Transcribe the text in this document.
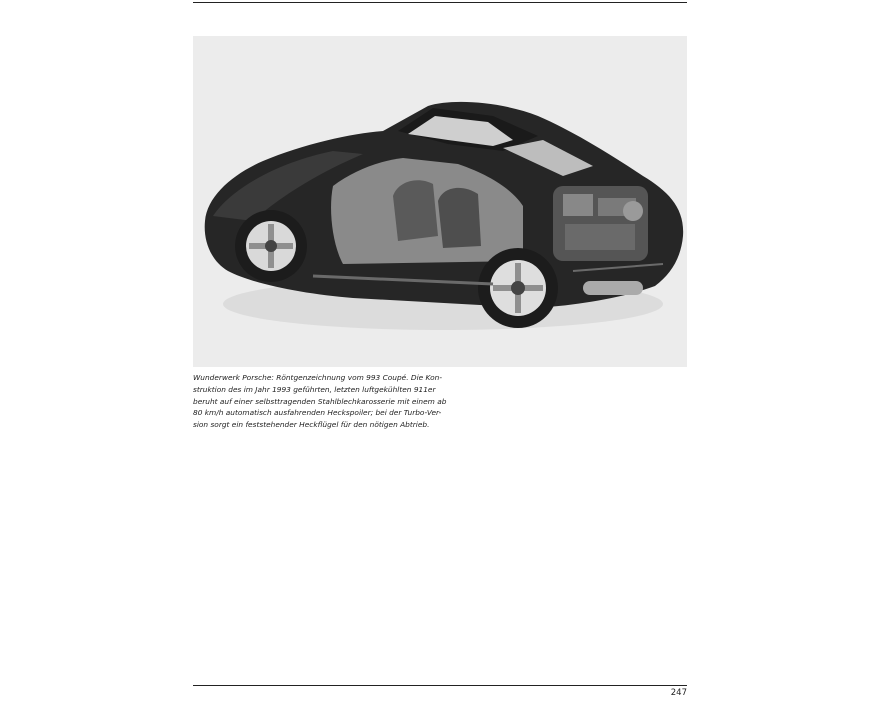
Wunderwerk Porsche: Röntgenzeichnung vom 993 Coupé. Die Kon-
struktion des im Jahr 1993 geführten, letzten luftgekühlten 911er
beruht auf einer selbsttragenden Stahlblechkarosserie mit einem ab
80 km/h automatisch ausfahrenden Heckspoiler; bei der Turbo-Ver-
sion sorgt ein feststehender Heckflügel für den nötigen Abtrieb.
247
